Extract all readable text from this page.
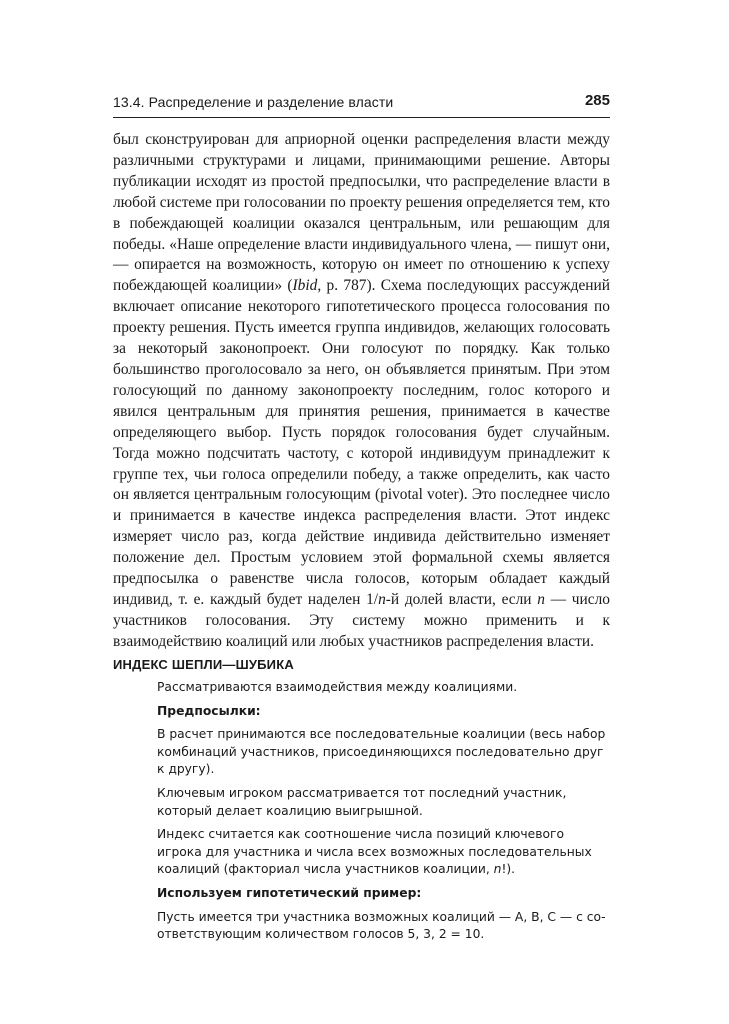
13.4. Распределение и разделение власти	285

был сконструирован для априорной оценки распределения власти между различными структурами и лицами, принимающими решение. Авторы публикации исходят из простой предпосылки, что распределение власти в любой системе при голосовании по проекту решения определяется тем, кто в побеждающей коалиции оказался центральным, или решающим для победы. «Наше определение власти индивидуального члена, — пишут они, — опирается на возможность, которую он имеет по отношению к успеху побеждающей коалиции» (Ibid, p. 787). Схема последующих рассуждений включает описание некоторого гипотетического процесса голосования по проекту решения. Пусть имеется группа индивидов, желающих голосовать за некоторый законопроект. Они голосуют по порядку. Как только большинство проголосовало за него, он объявляется принятым. При этом голосующий по данному законопроекту последним, голос которого и явился центральным для принятия решения, принимается в качестве определяющего выбор. Пусть порядок голосования будет случайным. Тогда можно подсчитать частоту, с которой индивидуум принадлежит к группе тех, чьи голоса определили победу, а также определить, как часто он является центральным голосующим (pivotal voter). Это последнее число и принимается в качестве индекса распределения власти. Этот индекс измеряет число раз, когда действие индивида действительно изменяет положение дел. Простым условием этой формальной схемы является предпосылка о равенстве числа голосов, которым обладает каждый индивид, т. е. каждый будет наделен 1/n-й долей власти, если n — число участников голосования. Эту систему можно применить и к взаимодействию коалиций или любых участников распределения власти.

ИНДЕКС ШЕПЛИ—ШУБИКА

Рассматриваются взаимодействия между коалициями.

Предпосылки:

В расчет принимаются все последовательные коалиции (весь набор комбинаций участников, присоединяющихся последовательно друг к другу).

Ключевым игроком рассматривается тот последний участник, который делает коалицию выигрышной.

Индекс считается как соотношение числа позиций ключевого игрока для участника и числа всех возможных последовательных коалиций (факториал числа участников коалиции, n!).

Используем гипотетический пример:

Пусть имеется три участника возможных коалиций — A, B, C — с соответствующим количеством голосов 5, 3, 2 = 10.
